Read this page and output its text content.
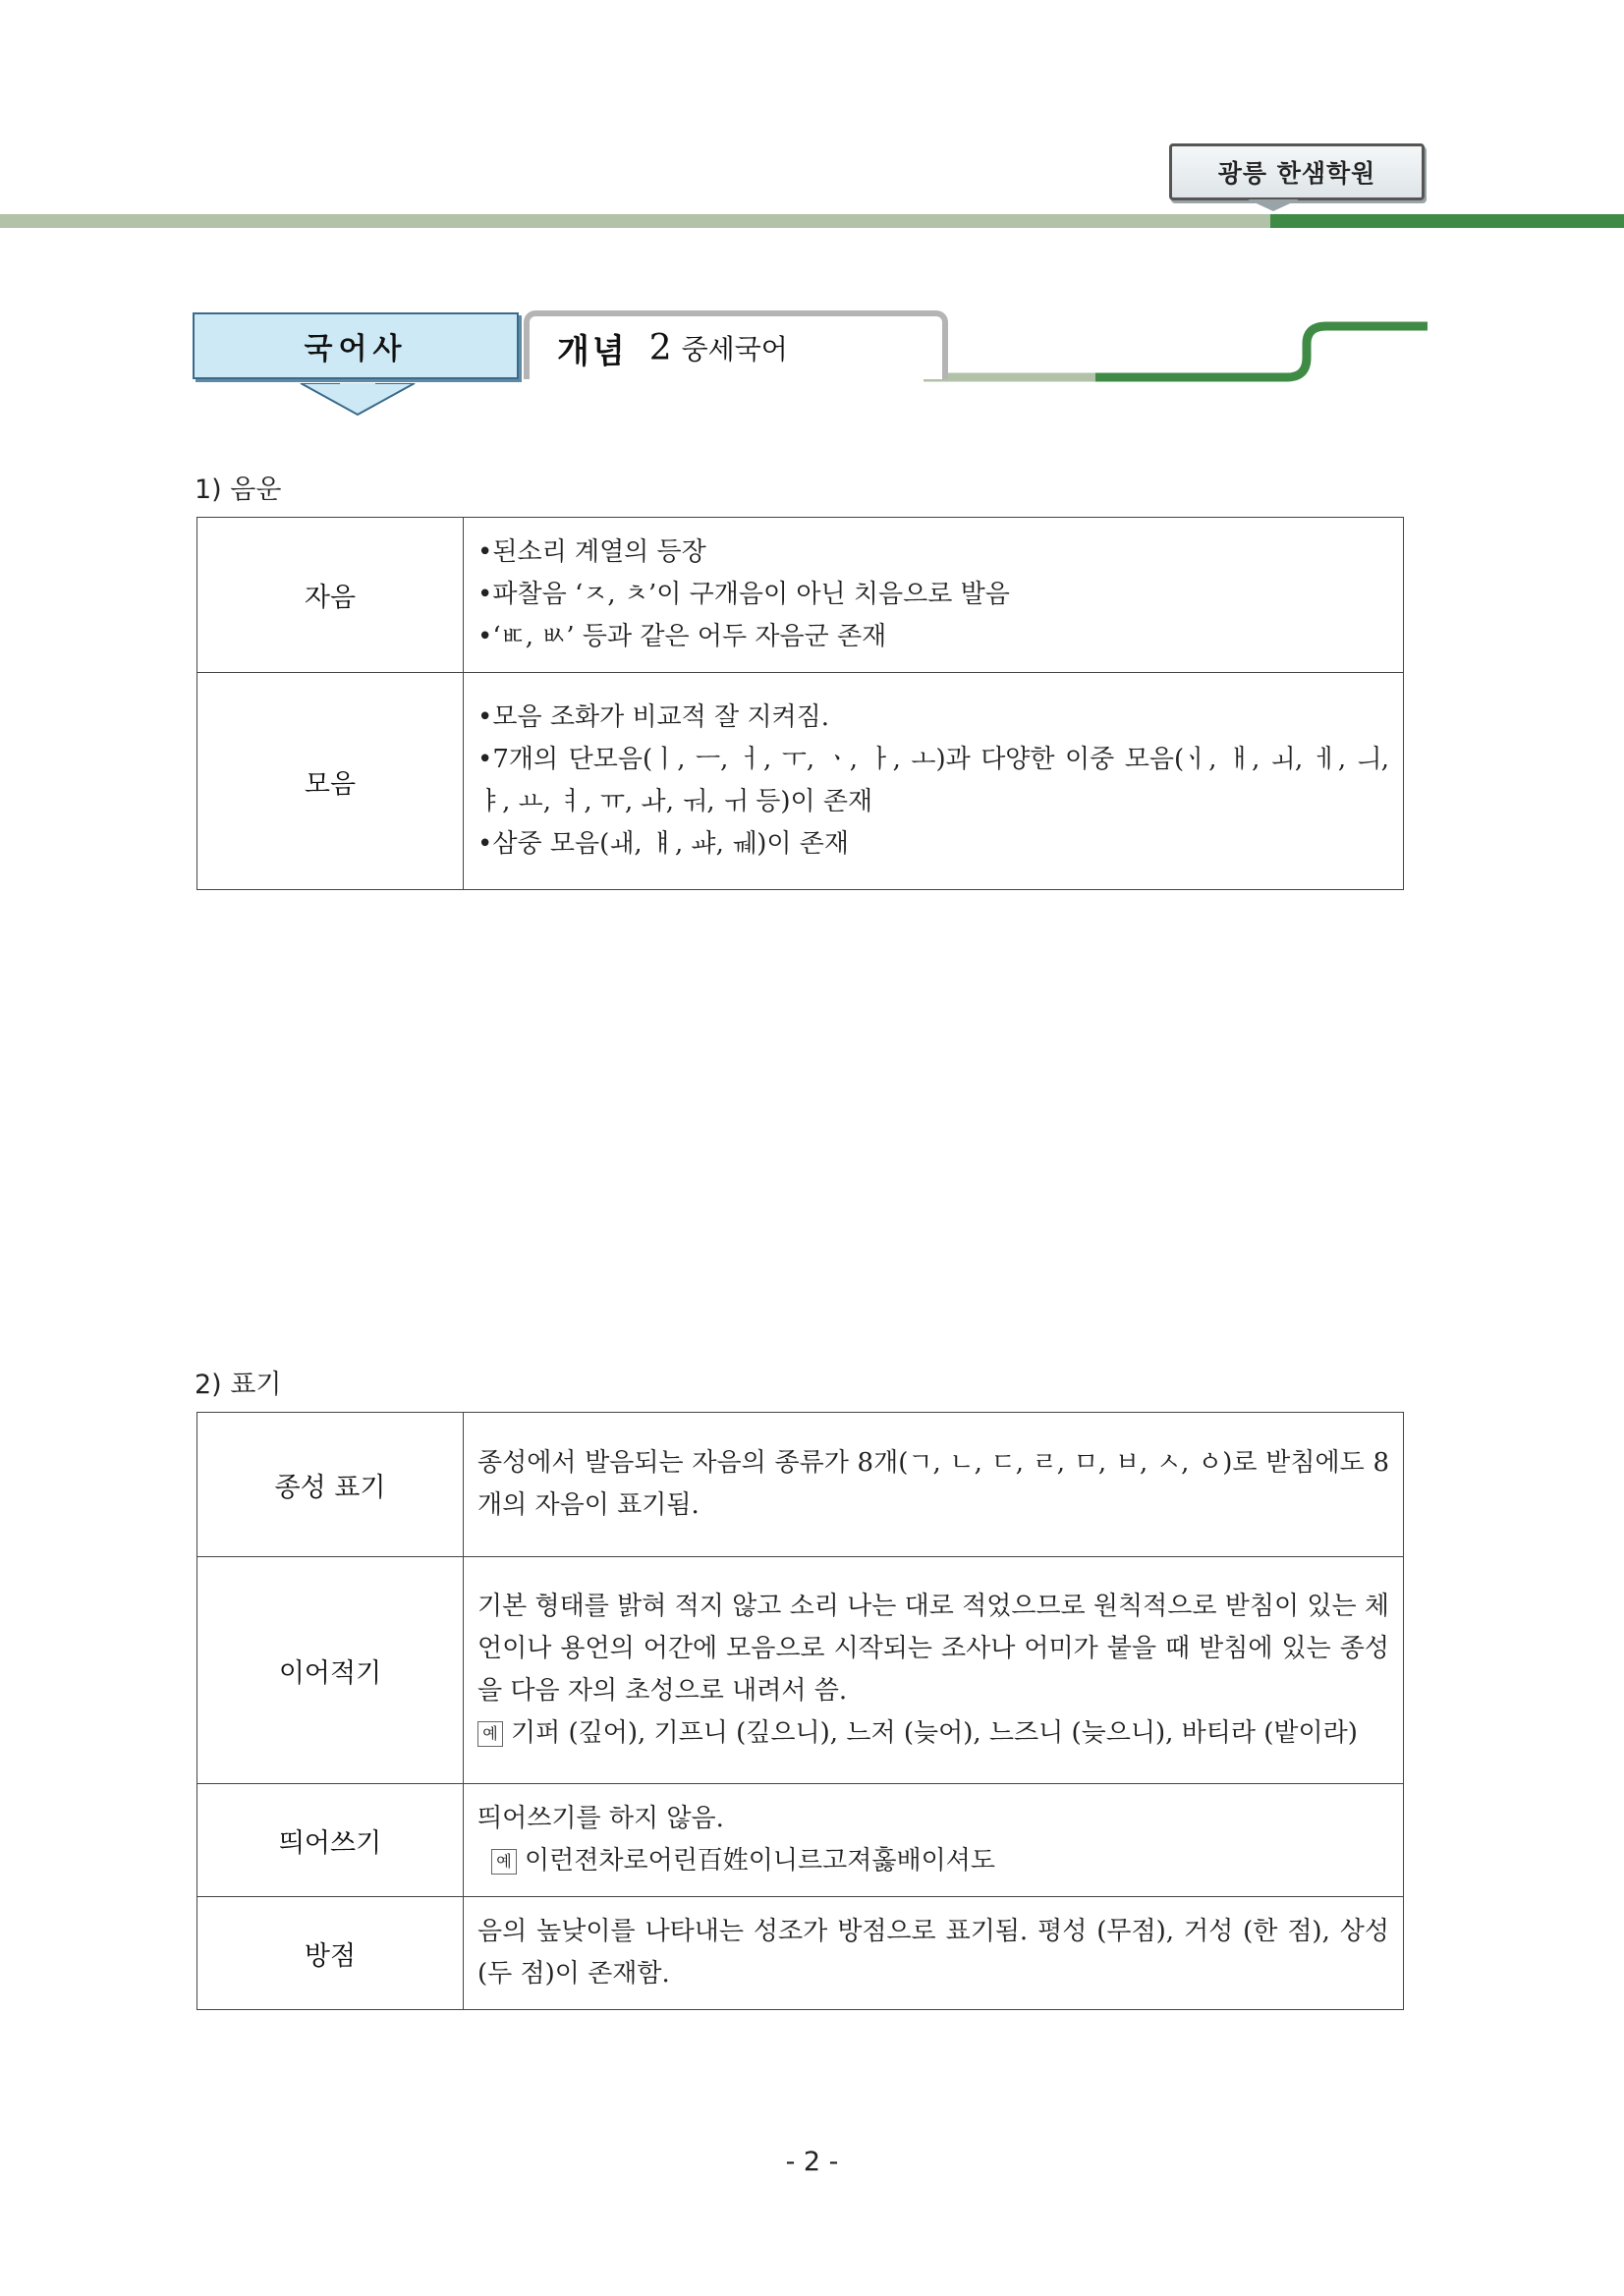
광릉 한샘학원
국어사	개념 2 중세국어
1) 음운
자음	•된소리 계열의 등장
•파찰음 ‘ㅈ, ㅊ’이 구개음이 아닌 치음으로 발음
•‘ㅳ, ㅄ’ 등과 같은 어두 자음군 존재

모음	•모음 조화가 비교적 잘 지켜짐.
•7개의 단모음(ㅣ, ㅡ, ㅓ, ㅜ, ㆍ, ㅏ, ㅗ)과 다양한 이중 모음(ㆎ, ㅐ, ㅚ, ㅔ, ㅢ, ㅑ, ㅛ, ㅕ, ㅠ, ㅘ, ㅝ, ㅟ 등)이 존재
•삼중 모음(ㅙ, ㅒ, ㆇ, ㆋ)이 존재
2) 표기
종성 표기	종성에서 발음되는 자음의 종류가 8개(ㄱ, ㄴ, ㄷ, ㄹ, ㅁ, ㅂ, ㅅ, ㆁ)로 받침에도 8개의 자음이 표기됨.
이어적기	기본 형태를 밝혀 적지 않고 소리 나는 대로 적었으므로 원칙적으로 받침이 있는 체언이나 용언의 어간에 모음으로 시작되는 조사나 어미가 붙을 때 받침에 있는 종성을 다음 자의 초성으로 내려서 씀.
예 기퍼 (깊어), 기프니 (깊으니), 느저 (늦어), 느즈니 (늦으니), 바티라 (밭이라)

띄어쓰기	띄어쓰기를 하지 않음.
예 이런젼차로어린百姓이니르고져홇배이셔도

방점	음의 높낮이를 나타내는 성조가 방점으로 표기됨. 평성 (무점), 거성 (한 점), 상성 (두 점)이 존재함.
- 2 -
